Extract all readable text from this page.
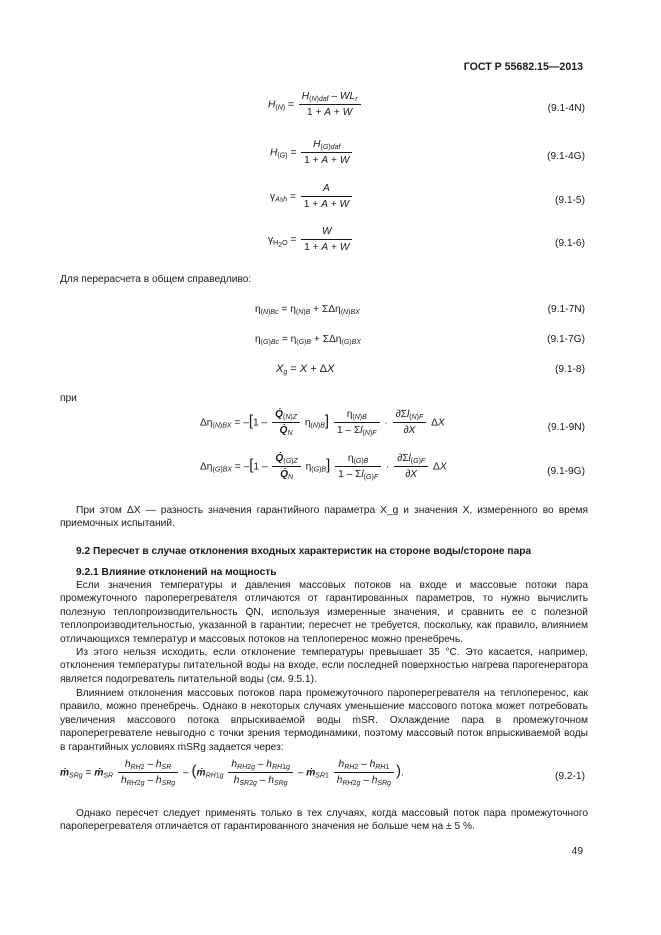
ГОСТ Р 55682.15—2013
$H_{(N)} = \frac{H_{(N)daf} - WL_r}{1 + A + W}$	(9.1-4N)
$H_{(G)} = \frac{H_{(G)daf}}{1 + A + W}$	(9.1-4G)
$\gamma_{Ash} = \frac{A}{1 + A + W}$	(9.1-5)
$\gamma_{H_2O} = \frac{W}{1 + A + W}$	(9.1-6)
Для перерасчета в общем справедливо:
$\eta_{(N)Bc} = \eta_{(N)B} + \Sigma\Delta\eta_{(N)BX}$	(9.1-7N)
$\eta_{(G)Bc} = \eta_{(G)B} + \Sigma\Delta\eta_{(G)BX}$	(9.1-7G)
$X_g = X + \Delta X$	(9.1-8)
при
$\Delta\eta_{(N)BX} = -[1 - \frac{Q̇_{(N)Z}}{Q̇_N} \eta_{(N)B}] \frac{\eta_{(N)B}}{1 - \Sigma l_{(N)F}} \cdot \frac{\partial\Sigma l_{(N)F}}{\partial X}$ ΔX	(9.1-9N)
$\Delta\eta_{(G)BX} = -[1 - \frac{Q̇_{(G)Z}}{Q̇_N} \eta_{(G)B}] \frac{\eta_{(G)B}}{1 - \Sigma l_{(G)F}} \cdot \frac{\partial\Sigma l_{(G)F}}{\partial X}$ ΔX	(9.1-9G)
При этом ΔX — разность значения гарантийного параметра X_g и значения X, измеренного во время приемочных испытаний.
9.2 Пересчет в случае отклонения входных характеристик на стороне воды/стороне пара
9.2.1 Влияние отклонений на мощность
Если значения температуры и давления массовых потоков на входе и массовые потоки пара промежуточного пароперегревателя отличаются от гарантированных параметров, то нужно вычислить полезную теплопроизводительность Q̇N, используя измеренные значения, и сравнить ее с полезной теплопроизводительностью, указанной в гарантии; пересчет не требуется, поскольку, как правило, влиянием отличающихся температур и массовых потоков на теплоперенос можно пренебречь.
Из этого нельзя исходить, если отклонение температуры превышает 35 °С. Это касается, например, отклонения температуры питательной воды на входе, если последней поверхностью нагрева парогенератора является подогреватель питательной воды (см. 9.5.1).
Влиянием отклонения массовых потоков пара промежуточного пароперегревателя на теплоперенос, как правило, можно пренебречь. Однако в некоторых случаях уменьшение массового потока может потребовать увеличения массового потока впрыскиваемой воды ṁSR. Охлаждение пара в промежуточном пароперегревателе невыгодно с точки зрения термодинамики, поэтому массовый поток впрыскиваемой воды в гарантийных условиях ṁSRg задается через:
ṁ$_{SRg}$ = ṁ$_{SR}$ $\frac{h_{RH2} - h_{SR}}{h_{RH2g} - h_{SRg}}$ – (ṁ$_{RH1g}$ $\frac{h_{RH2g} - h_{RH1g}}{h_{SR2g} - h_{SRg}}$ – ṁ$_{SR1}$ $\frac{h_{RH2} - h_{RH1}}{h_{RH2g} - h_{SRg}}$ ).	(9.2-1)
Однако пересчет следует применять только в тех случаях, когда массовый поток пара промежуточного пароперегревателя отличается от гарантированного значения не больше чем на ± 5 %.
49
